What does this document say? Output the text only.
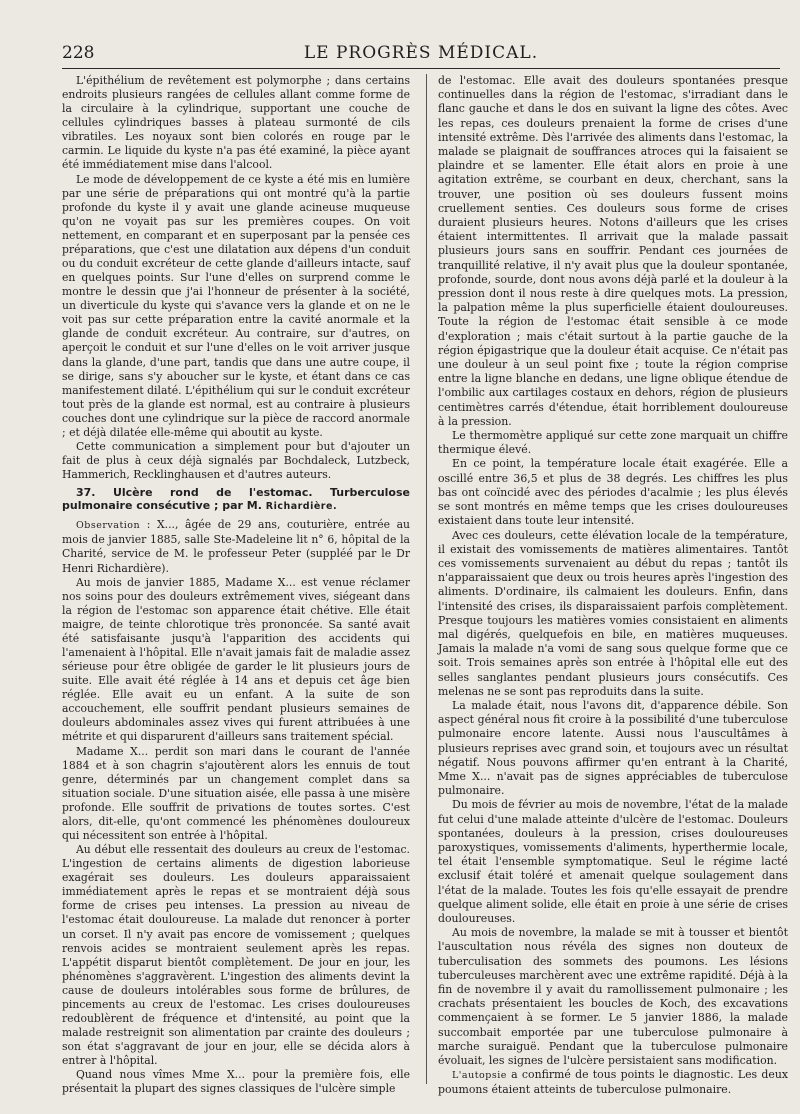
228	LE PROGRÈS MÉDICAL.

L'épithélium de revêtement est polymorphe ; dans certains endroits plusieurs rangées de cellules allant comme forme de la circulaire à la cylindrique, supportant une couche de cellules cylindriques basses à plateau surmonté de cils vibratiles. Les noyaux sont bien colorés en rouge par le carmin. Le liquide du kyste n'a pas été examiné, la pièce ayant été immédiatement mise dans l'alcool.

Le mode de développement de ce kyste a été mis en lumière par une série de préparations qui ont montré qu'à la partie profonde du kyste il y avait une glande acineuse muqueuse qu'on ne voyait pas sur les premières coupes. On voit nettement, en comparant et en superposant par la pensée ces préparations, que c'est une dilatation aux dépens d'un conduit ou du conduit excréteur de cette glande d'ailleurs intacte, sauf en quelques points. Sur l'une d'elles on surprend comme le montre le dessin que j'ai l'honneur de présenter à la société, un diverticule du kyste qui s'avance vers la glande et on ne le voit pas sur cette préparation entre la cavité anormale et la glande de conduit excréteur. Au contraire, sur d'autres, on aperçoit le conduit et sur l'une d'elles on le voit arriver jusque dans la glande, d'une part, tandis que dans une autre coupe, il se dirige, sans s'y aboucher sur le kyste, et étant dans ce cas manifestement dilaté. L'épithélium qui sur le conduit excréteur tout près de la glande est normal, est au contraire à plusieurs couches dont une cylindrique sur la pièce de raccord anormale ; et déjà dilatée elle-même qui aboutit au kyste.

Cette communication a simplement pour but d'ajouter un fait de plus à ceux déjà signalés par Bochdaleck, Lutzbeck, Hammerich, Recklinghausen et d'autres auteurs.

37. Ulcère rond de l'estomac. Turberculose pulmonaire consécutive ; par M. Richardière.

Observation : X..., âgée de 29 ans, couturière, entrée au mois de janvier 1885, salle Ste-Madeleine lit n° 6, hôpital de la Charité, service de M. le professeur Peter (suppléé par le Dr Henri Richardière).

Au mois de janvier 1885, Madame X... est venue réclamer nos soins pour des douleurs extrêmement vives, siégeant dans la région de l'estomac son apparence était chétive. Elle était maigre, de teinte chlorotique très prononcée. Sa santé avait été satisfaisante jusqu'à l'apparition des accidents qui l'amenaient à l'hôpital. Elle n'avait jamais fait de maladie assez sérieuse pour être obligée de garder le lit plusieurs jours de suite. Elle avait été réglée à 14 ans et depuis cet âge bien réglée. Elle avait eu un enfant. A la suite de son accouchement, elle souffrit pendant plusieurs semaines de douleurs abdominales assez vives qui furent attribuées à une métrite et qui disparurent d'ailleurs sans traitement spécial.

Madame X... perdit son mari dans le courant de l'année 1884 et à son chagrin s'ajoutèrent alors les ennuis de tout genre, déterminés par un changement complet dans sa situation sociale. D'une situation aisée, elle passa à une misère profonde. Elle souffrit de privations de toutes sortes. C'est alors, dit-elle, qu'ont commencé les phénomènes douloureux qui nécessitent son entrée à l'hôpital.

Au début elle ressentait des douleurs au creux de l'estomac. L'ingestion de certains aliments de digestion laborieuse exagérait ses douleurs. Les douleurs apparaissaient immédiatement après le repas et se montraient déjà sous forme de crises peu intenses. La pression au niveau de l'estomac était douloureuse. La malade dut renoncer à porter un corset. Il n'y avait pas encore de vomissement ; quelques renvois acides se montraient seulement après les repas. L'appétit disparut bientôt complètement. De jour en jour, les phénomènes s'aggravèrent. L'ingestion des aliments devint la cause de douleurs intolérables sous forme de brûlures, de pincements au creux de l'estomac. Les crises douloureuses redoublèrent de fréquence et d'intensité, au point que la malade restreignit son alimentation par crainte des douleurs ; son état s'aggravant de jour en jour, elle se décida alors à entrer à l'hôpital.

Quand nous vîmes Mme X... pour la première fois, elle présentait la plupart des signes classiques de l'ulcère simple

de l'estomac. Elle avait des douleurs spontanées presque continuelles dans la région de l'estomac, s'irradiant dans le flanc gauche et dans le dos en suivant la ligne des côtes. Avec les repas, ces douleurs prenaient la forme de crises d'une intensité extrême. Dès l'arrivée des aliments dans l'estomac, la malade se plaignait de souffrances atroces qui la faisaient se plaindre et se lamenter. Elle était alors en proie à une agitation extrême, se courbant en deux, cherchant, sans la trouver, une position où ses douleurs fussent moins cruellement senties. Ces douleurs sous forme de crises duraient plusieurs heures. Notons d'ailleurs que les crises étaient intermittentes. Il arrivait que la malade passait plusieurs jours sans en souffrir. Pendant ces journées de tranquillité relative, il n'y avait plus que la douleur spontanée, profonde, sourde, dont nous avons déjà parlé et la douleur à la pression dont il nous reste à dire quelques mots. La pression, la palpation même la plus superficielle étaient douloureuses. Toute la région de l'estomac était sensible à ce mode d'exploration ; mais c'était surtout à la partie gauche de la région épigastrique que la douleur était acquise. Ce n'était pas une douleur à un seul point fixe ; toute la région comprise entre la ligne blanche en dedans, une ligne oblique étendue de l'ombilic aux cartilages costaux en dehors, région de plusieurs centimètres carrés d'étendue, était horriblement douloureuse à la pression.

Le thermomètre appliqué sur cette zone marquait un chiffre thermique élevé.

En ce point, la température locale était exagérée. Elle a oscillé entre 36,5 et plus de 38 degrés. Les chiffres les plus bas ont coïncidé avec des périodes d'acalmie ; les plus élevés se sont montrés en même temps que les crises douloureuses existaient dans toute leur intensité.

Avec ces douleurs, cette élévation locale de la température, il existait des vomissements de matières alimentaires. Tantôt ces vomissements survenaient au début du repas ; tantôt ils n'apparaissaient que deux ou trois heures après l'ingestion des aliments. D'ordinaire, ils calmaient les douleurs. Enfin, dans l'intensité des crises, ils disparaissaient parfois complètement. Presque toujours les matières vomies consistaient en aliments mal digérés, quelquefois en bile, en matières muqueuses. Jamais la malade n'a vomi de sang sous quelque forme que ce soit. Trois semaines après son entrée à l'hôpital elle eut des selles sanglantes pendant plusieurs jours consécutifs. Ces melenas ne se sont pas reproduits dans la suite.

La malade était, nous l'avons dit, d'apparence débile. Son aspect général nous fit croire à la possibilité d'une tuberculose pulmonaire encore latente. Aussi nous l'auscultâmes à plusieurs reprises avec grand soin, et toujours avec un résultat négatif. Nous pouvons affirmer qu'en entrant à la Charité, Mme X... n'avait pas de signes appréciables de tuberculose pulmonaire.

Du mois de février au mois de novembre, l'état de la malade fut celui d'une malade atteinte d'ulcère de l'estomac. Douleurs spontanées, douleurs à la pression, crises douloureuses paroxystiques, vomissements d'aliments, hyperthermie locale, tel était l'ensemble symptomatique. Seul le régime lacté exclusif était toléré et amenait quelque soulagement dans l'état de la malade. Toutes les fois qu'elle essayait de prendre quelque aliment solide, elle était en proie à une série de crises douloureuses.

Au mois de novembre, la malade se mit à tousser et bientôt l'auscultation nous révéla des signes non douteux de tuberculisation des sommets des poumons. Les lésions tuberculeuses marchèrent avec une extrême rapidité. Déjà à la fin de novembre il y avait du ramollissement pulmonaire ; les crachats présentaient les boucles de Koch, des excavations commençaient à se former. Le 5 janvier 1886, la malade succombait emportée par une tuberculose pulmonaire à marche suraiguë. Pendant que la tuberculose pulmonaire évoluait, les signes de l'ulcère persistaient sans modification.

L'autopsie a confirmé de tous points le diagnostic. Les deux poumons étaient atteints de tuberculose pulmonaire.
